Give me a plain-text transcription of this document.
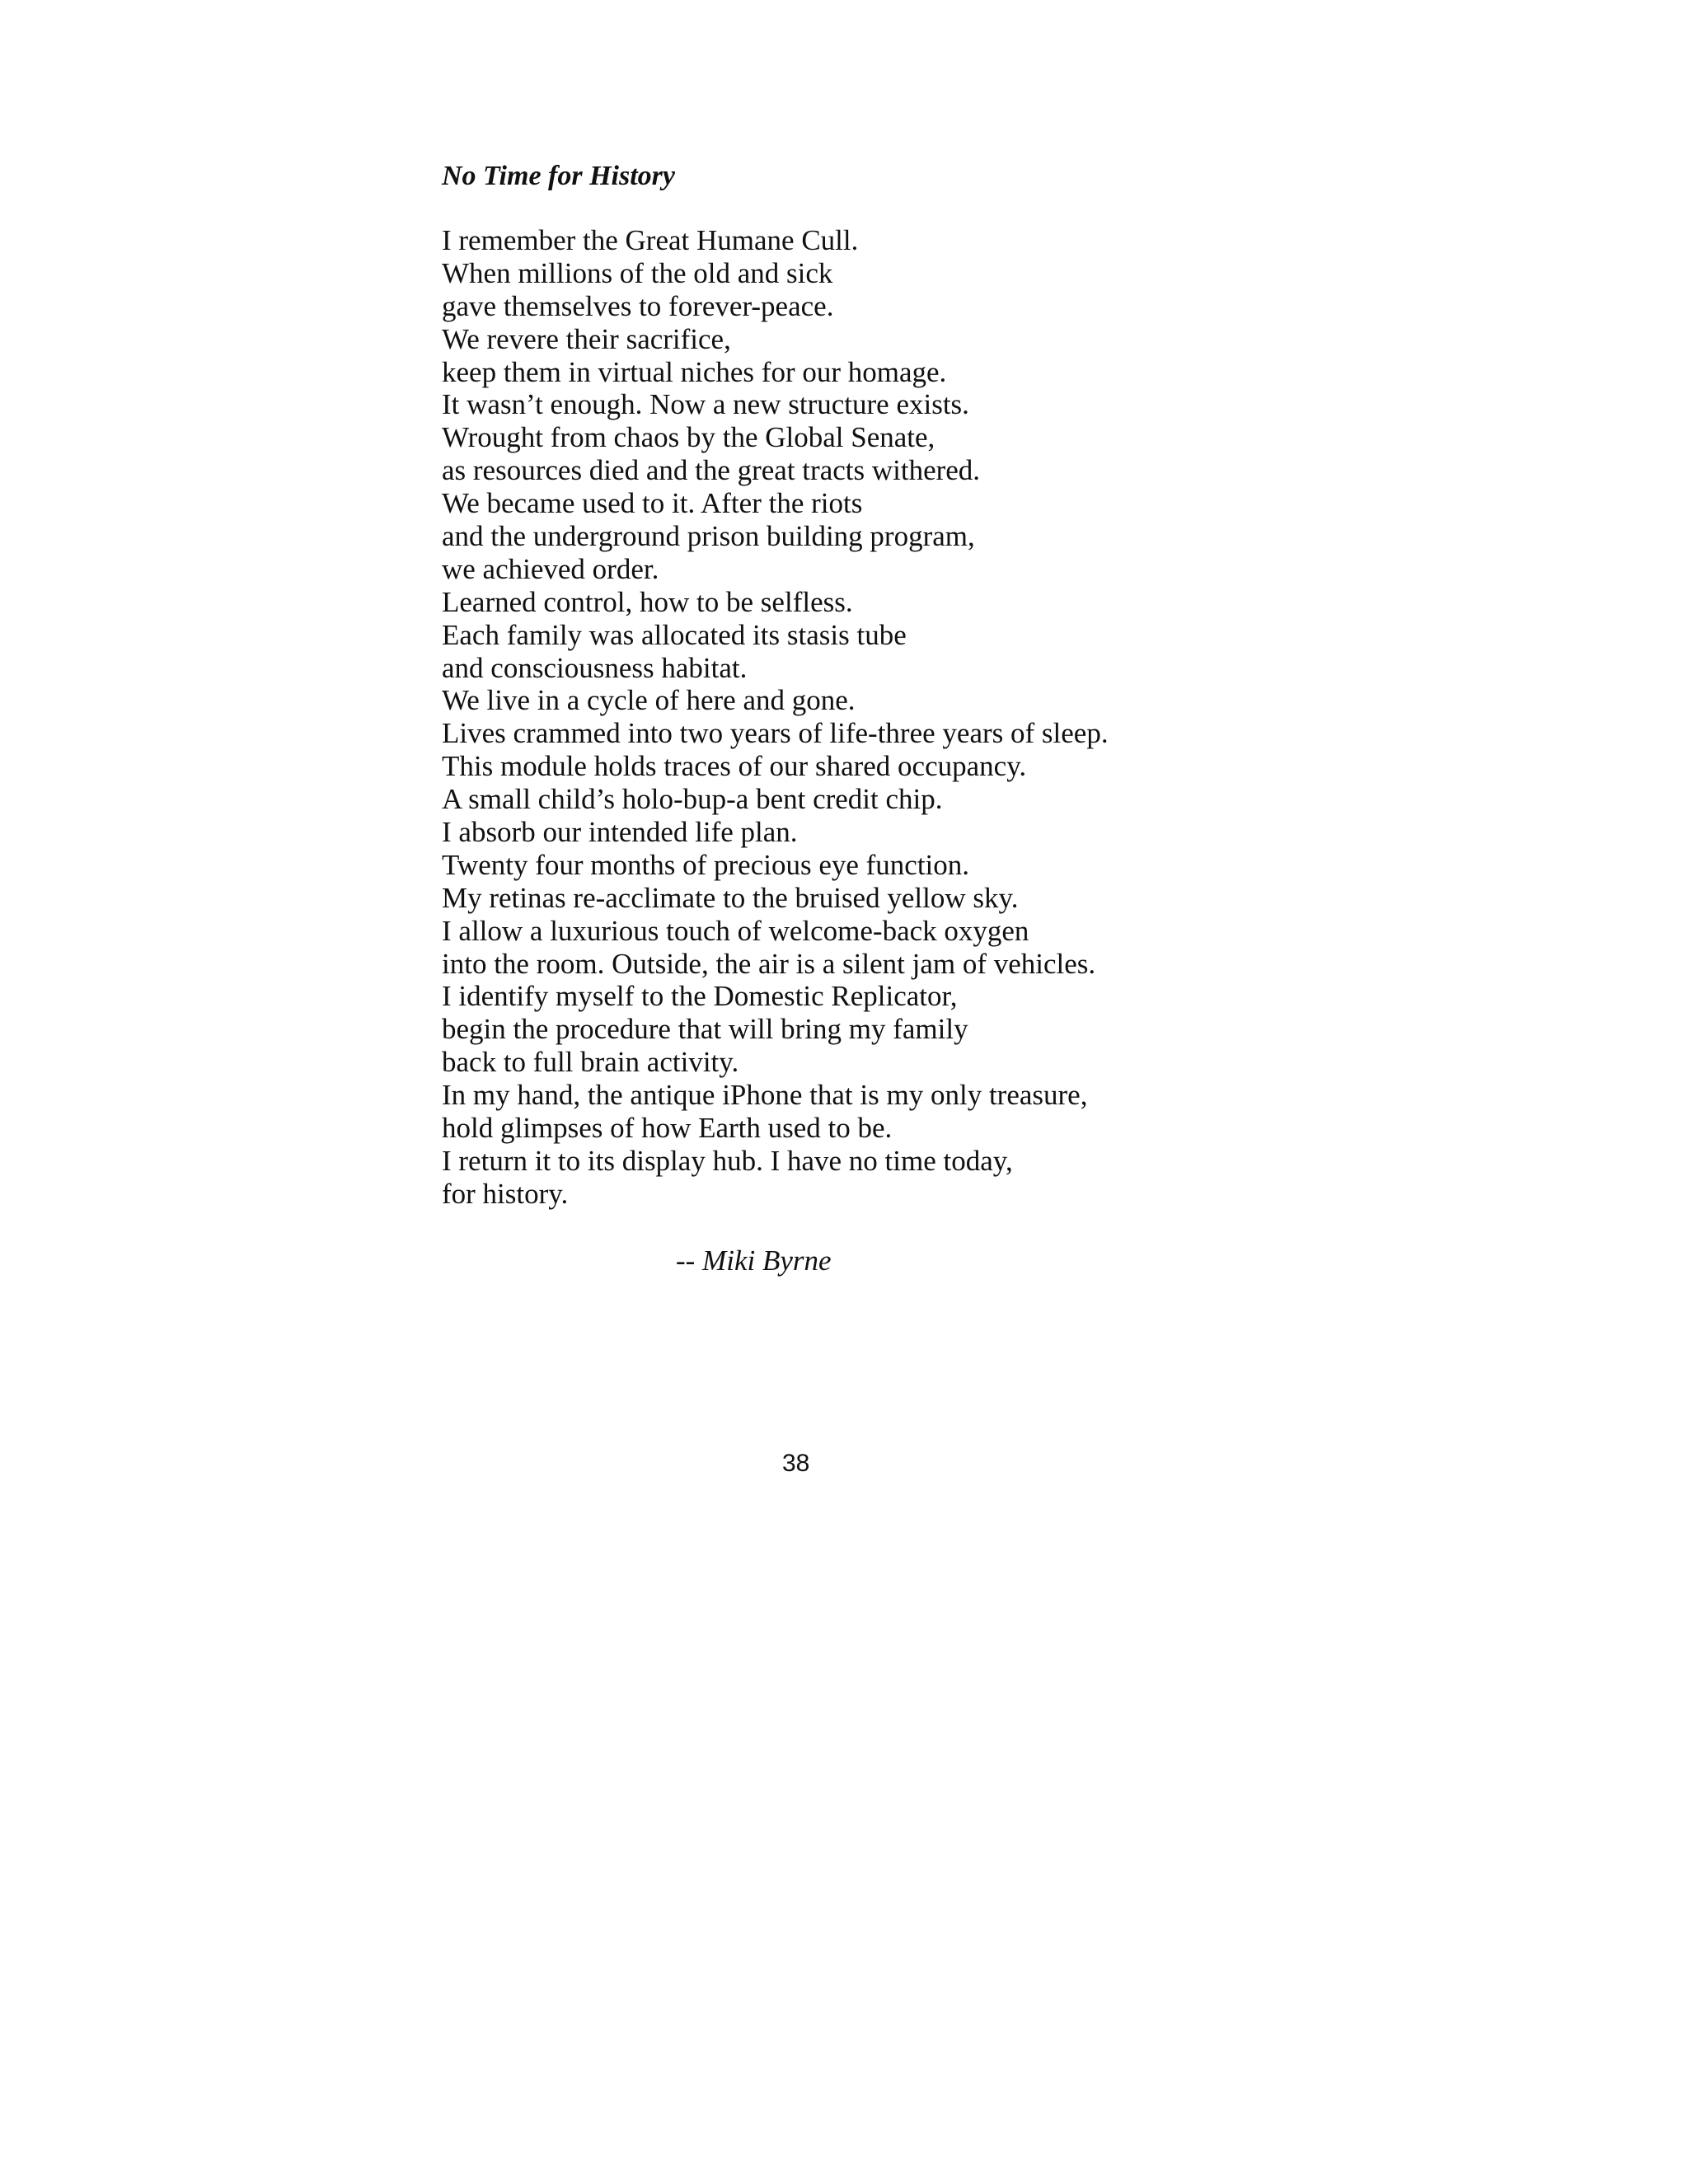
No Time for History
I remember the Great Humane Cull.
When millions of the old and sick
gave themselves to forever-peace.
We revere their sacrifice,
keep them in virtual niches for our homage.
It wasn’t enough. Now a new structure exists.
Wrought from chaos by the Global Senate,
as resources died and the great tracts withered.
We became used to it. After the riots
and the underground prison building program,
we achieved order.
Learned control, how to be selfless.
Each family was allocated its stasis tube
and consciousness habitat.
We live in a cycle of here and gone.
Lives crammed into two years of life-three years of sleep.
This module holds traces of our shared occupancy.
A small child’s holo-bup-a bent credit chip.
I absorb our intended life plan.
Twenty four months of precious eye function.
My retinas re-acclimate to the bruised yellow sky.
I allow a luxurious touch of welcome-back oxygen
into the room. Outside, the air is a silent jam of vehicles.
I identify myself to the Domestic Replicator,
begin the procedure that will bring my family
back to full brain activity.
In my hand, the antique iPhone that is my only treasure,
hold glimpses of how Earth used to be.
I return it to its display hub. I have no time today,
for history.
-- Miki Byrne
38
